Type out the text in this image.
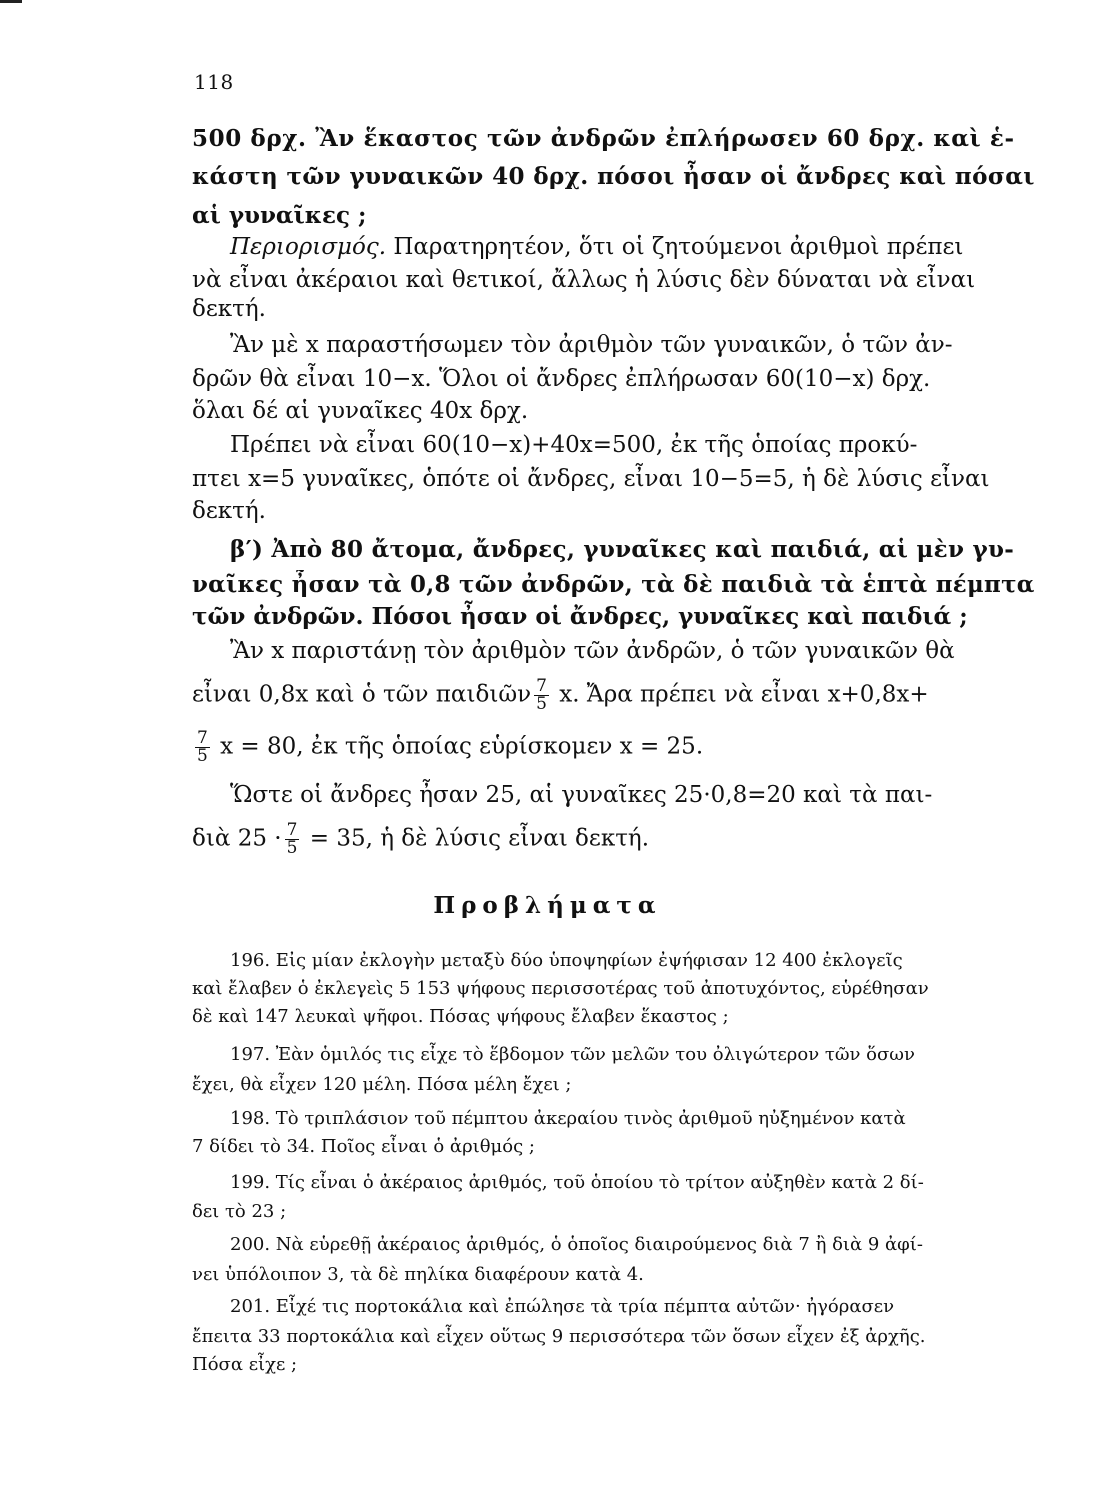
118
500 δρχ. Ἂν ἕκαστος τῶν ἀνδρῶν ἐπλήρωσεν 60 δρχ. καὶ ἑ-
κάστη τῶν γυναικῶν 40 δρχ. πόσοι ἦσαν οἱ ἄνδρες καὶ πόσαι
αἱ γυναῖκες ;
Περιορισμός. Παρατηρητέον, ὅτι οἱ ζητούμενοι ἀριθμοὶ πρέπει
νὰ εἶναι ἀκέραιοι καὶ θετικοί, ἄλλως ἡ λύσις δὲν δύναται νὰ εἶναι
δεκτή.
Ἂν μὲ x παραστήσωμεν τὸν ἀριθμὸν τῶν γυναικῶν, ὁ τῶν ἀν-
δρῶν θὰ εἶναι 10−x. Ὅλοι οἱ ἄνδρες ἐπλήρωσαν 60(10−x) δρχ.
ὅλαι δέ αἱ γυναῖκες 40x δρχ.
Πρέπει νὰ εἶναι 60(10−x)+40x=500, ἐκ τῆς ὁποίας προκύ-
πτει x=5 γυναῖκες, ὁπότε οἱ ἄνδρες, εἶναι 10−5=5, ἡ δὲ λύσις εἶναι
δεκτή.
β′) Ἀπὸ 80 ἄτομα, ἄνδρες, γυναῖκες καὶ παιδιά, αἱ μὲν γυ-
ναῖκες ἦσαν τὰ 0,8 τῶν ἀνδρῶν, τὰ δὲ παιδιὰ τὰ ἑπτὰ πέμπτα
τῶν ἀνδρῶν. Πόσοι ἦσαν οἱ ἄνδρες, γυναῖκες καὶ παιδιά ;
Ἂν x παριστάνῃ τὸν ἀριθμὸν τῶν ἀνδρῶν, ὁ τῶν γυναικῶν θὰ
εἶναι 0,8x καὶ ὁ τῶν παιδιῶν $\frac{7}{5} x$. Ἄρα πρέπει νὰ εἶναι x+0,8x+
$\frac{7}{5}$ x = 80, ἐκ τῆς ὁποίας εὑρίσκομεν x = 25.
Ὥστε οἱ ἄνδρες ἦσαν 25, αἱ γυναῖκες 25·0,8=20 καὶ τὰ παι-
διὰ $25 \cdot \frac{7}{5} = 35$, ἡ δὲ λύσις εἶναι δεκτή.
Προβλήματα
196. Εἰς μίαν ἐκλογὴν μεταξὺ δύο ὑποψηφίων ἐψήφισαν 12 400 ἐκλογεῖς
καὶ ἔλαβεν ὁ ἐκλεγεὶς 5 153 ψήφους περισσοτέρας τοῦ ἀποτυχόντος, εὑρέθησαν
δὲ καὶ 147 λευκαὶ ψῆφοι. Πόσας ψήφους ἔλαβεν ἕκαστος ;
197. Ἐὰν ὁμιλός τις εἶχε τὸ ἕβδομον τῶν μελῶν του ὀλιγώτερον τῶν ὅσων
ἔχει, θὰ εἶχεν 120 μέλη. Πόσα μέλη ἔχει ;
198. Τὸ τριπλάσιον τοῦ πέμπτου ἀκεραίου τινὸς ἀριθμοῦ ηὐξημένον κατὰ
7 δίδει τὸ 34. Ποῖος εἶναι ὁ ἀριθμός ;
199. Τίς εἶναι ὁ ἀκέραιος ἀριθμός, τοῦ ὁποίου τὸ τρίτον αὐξηθὲν κατὰ 2 δί-
δει τὸ 23 ;
200. Νὰ εὑρεθῇ ἀκέραιος ἀριθμός, ὁ ὁποῖος διαιρούμενος διὰ 7 ἢ διὰ 9 ἀφί-
νει ὑπόλοιπον 3, τὰ δὲ πηλίκα διαφέρουν κατὰ 4.
201. Εἶχέ τις πορτοκάλια καὶ ἐπώλησε τὰ τρία πέμπτα αὐτῶν· ἠγόρασεν
ἔπειτα 33 πορτοκάλια καὶ εἶχεν οὕτως 9 περισσότερα τῶν ὅσων εἶχεν ἐξ ἀρχῆς.
Πόσα εἶχε ;
